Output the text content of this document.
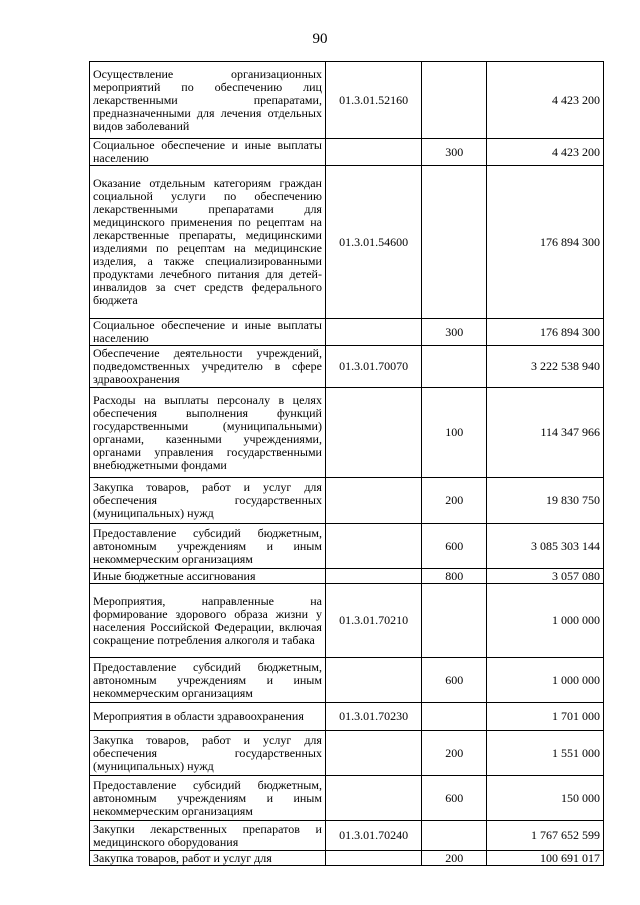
90
Осуществление организационных мероприятий по обеспечению лиц лекарственными препаратами, предназначенными для лечения отдельных видов заболеваний	01.3.01.52160		4 423 200
Социальное обеспечение и иные выплаты населению		300	4 423 200
Оказание отдельным категориям граждан социальной услуги по обеспечению лекарственными препаратами для медицинского применения по рецептам на лекарственные препараты, медицинскими изделиями по рецептам на медицинские изделия, а также специализированными продуктами лечебного питания для детей-инвалидов за счет средств федерального бюджета	01.3.01.54600		176 894 300
Социальное обеспечение и иные выплаты населению		300	176 894 300
Обеспечение деятельности учреждений, подведомственных учредителю в сфере здравоохранения	01.3.01.70070		3 222 538 940
Расходы на выплаты персоналу в целях обеспечения выполнения функций государственными (муниципальными) органами, казенными учреждениями, органами управления государственными внебюджетными фондами		100	114 347 966
Закупка товаров, работ и услуг для обеспечения государственных (муниципальных) нужд		200	19 830 750
Предоставление субсидий бюджетным, автономным учреждениям и иным некоммерческим организациям		600	3 085 303 144
Иные бюджетные ассигнования		800	3 057 080
Мероприятия, направленные на формирование здорового образа жизни у населения Российской Федерации, включая сокращение потребления алкоголя и табака	01.3.01.70210		1 000 000
Предоставление субсидий бюджетным, автономным учреждениям и иным некоммерческим организациям		600	1 000 000
Мероприятия в области здравоохранения	01.3.01.70230		1 701 000
Закупка товаров, работ и услуг для обеспечения государственных (муниципальных) нужд		200	1 551 000
Предоставление субсидий бюджетным, автономным учреждениям и иным некоммерческим организациям		600	150 000
Закупки лекарственных препаратов и медицинского оборудования	01.3.01.70240		1 767 652 599
Закупка товаров, работ и услуг для		200	100 691 017
